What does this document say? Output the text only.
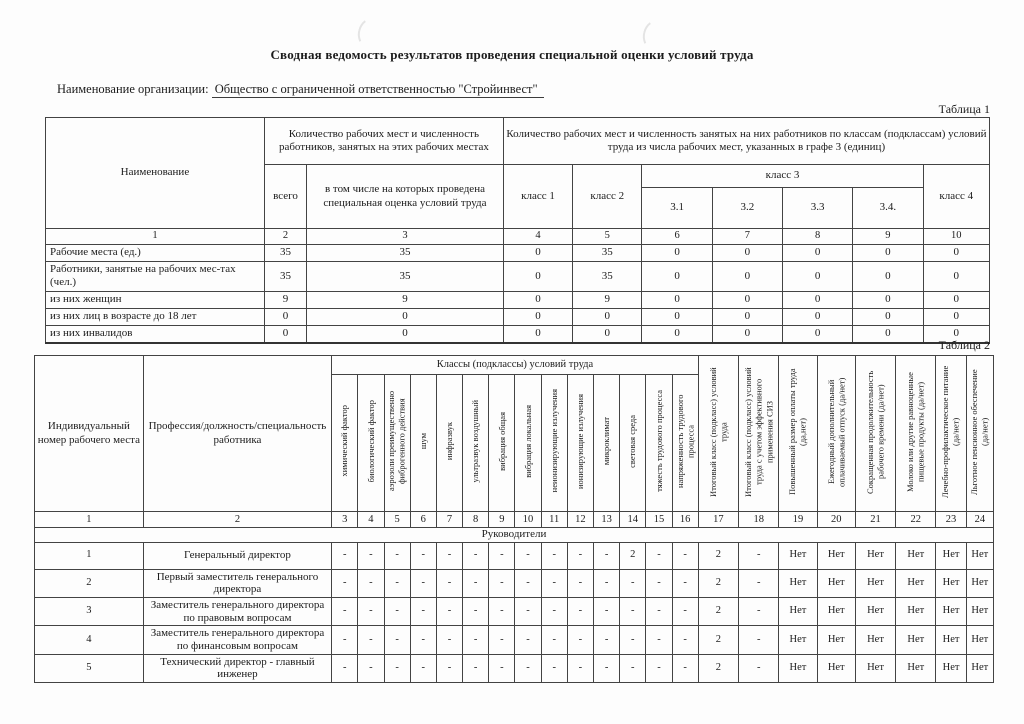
Сводная ведомость результатов проведения специальной оценки условий труда
Наименование организации: Общество с ограниченной ответственностью "Стройинвест"
Таблица 1
Наименование	Количество рабочих мест и численность работников, занятых на этих рабочих местах		Количество рабочих мест и численность занятых на них работников по классам (подклассам) условий труда из числа рабочих мест, указанных в графе 3 (единиц)						
	всего	в том числе на которых проведена специальная оценка условий труда	класс 1	класс 2	класс 3				класс 4
					3.1	3.2	3.3	3.4.	
1	2	3	4	5	6	7	8	9	10
Рабочие места (ед.)	35	35	0	35	0	0	0	0	0
Работники, занятые на рабочих мес-тах (чел.)	35	35	0	35	0	0	0	0	0
из них женщин	9	9	0	9	0	0	0	0	0
из них лиц в возрасте до 18 лет	0	0	0	0	0	0	0	0	0
из них инвалидов	0	0	0	0	0	0	0	0	0
Таблица 2
Индивидуальный номер рабочего места	Профессия/должность/специальность работника	Классы (подклассы) условий труда														Итоговый класс (подкласс) условий труда	Итоговый класс (подкласс) условий труда с учетом эффективного применения СИЗ	Повышенный размер оплаты труда (да,нет)	Ежегодный дополнительный оплачиваемый отпуск (да/нет)	Сокращенная продолжительность рабочего времени (да/нет)	Молоко или другие равноценные пищевые продукты (да/нет)	Лечебно-профилактическое питание (да/нет)	Льготное пенсионное обеспечение (да/нет)
		химический фактор	биологический фактор	аэрозоли преимущественно фиброгенного действия	шум	инфразвук	ультразвук воздушный	вибрация общая	вибрация локальная	неионизирующие излучения	ионизирующие излучения	микроклимат	световая среда	тяжесть трудового процесса	напряженность трудового процесса								
1	2	3	4	5	6	7	8	9	10	11	12	13	14	15	16	17	18	19	20	21	22	23	24
Руководители																							
1	Генеральный директор	-	-	-	-	-	-	-	-	-	-	-	2	-	-	2	-	Нет	Нет	Нет	Нет	Нет	Нет
2	Первый заместитель генерального директора	-	-	-	-	-	-	-	-	-	-	-	-	-	-	2	-	Нет	Нет	Нет	Нет	Нет	Нет
3	Заместитель генерального директора по правовым вопросам	-	-	-	-	-	-	-	-	-	-	-	-	-	-	2	-	Нет	Нет	Нет	Нет	Нет	Нет
4	Заместитель генерального директора по финансовым вопросам	-	-	-	-	-	-	-	-	-	-	-	-	-	-	2	-	Нет	Нет	Нет	Нет	Нет	Нет
5	Технический директор - главный инженер	-	-	-	-	-	-	-	-	-	-	-	-	-	-	2	-	Нет	Нет	Нет	Нет	Нет	Нет
